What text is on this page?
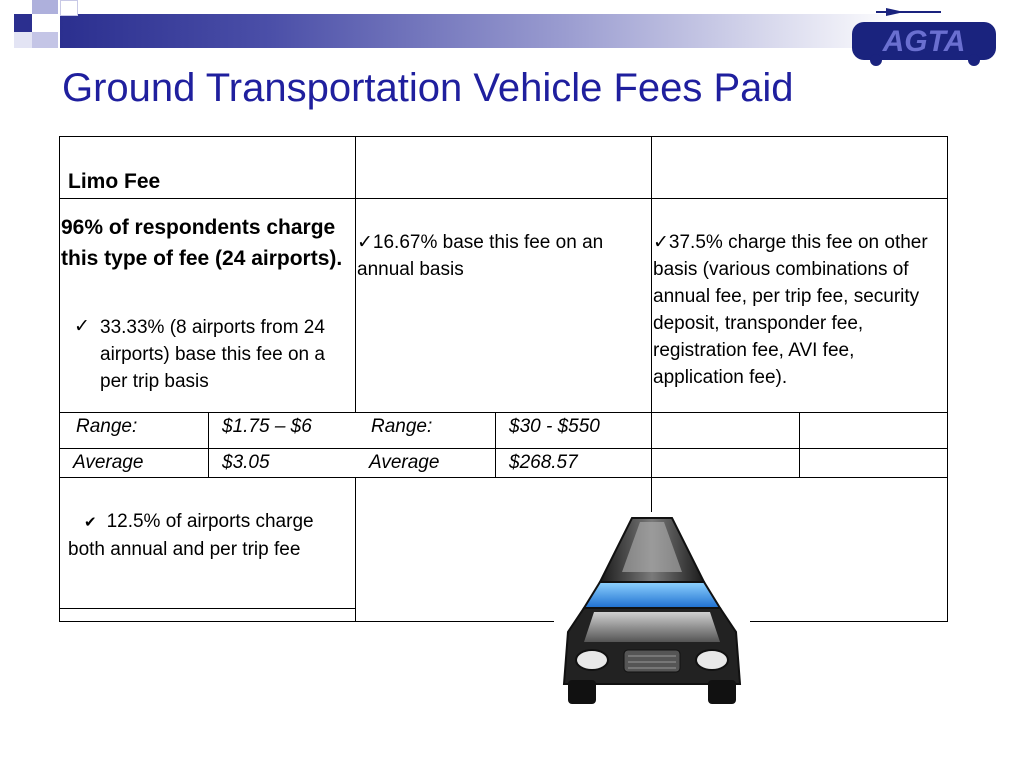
Ground Transportation Vehicle Fees Paid
AGTA
Limo Fee
96% of respondents charge this type of fee (24 airports).
✓ 33.33% (8 airports from 24 airports) base this fee on a per trip basis
✓16.67% base this fee on an annual basis
✓37.5% charge this fee on other basis (various combinations of annual fee, per trip fee, security deposit, transponder fee, registration fee, AVI fee, application fee).
Range:	$1.75 – $6	Range:	$30 - $550
Average	$3.05	Average	$268.57
✔ 12.5% of airports charge both annual and per trip fee
